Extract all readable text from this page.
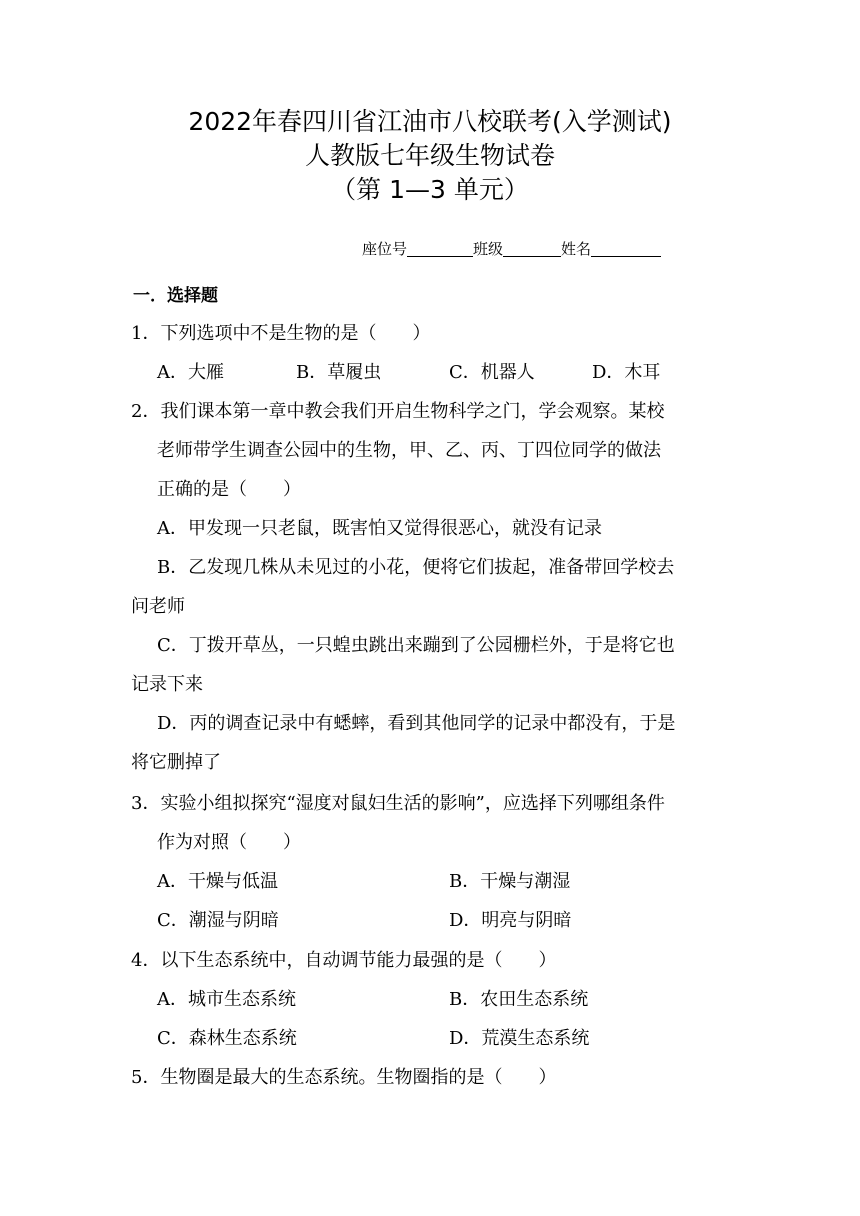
2022年春四川省江油市八校联考(入学测试)
人教版七年级生物试卷
（第 1—3 单元）
座位号	班级	姓名
一．选择题
1．下列选项中不是生物的是（　　）
A．大雁	B．草履虫	C．机器人	D．木耳
2．我们课本第一章中教会我们开启生物科学之门，学会观察。某校
老师带学生调查公园中的生物，甲、乙、丙、丁四位同学的做法
正确的是（　　）
A．甲发现一只老鼠，既害怕又觉得很恶心，就没有记录
B．乙发现几株从未见过的小花，便将它们拔起，准备带回学校去
问老师
C．丁拨开草丛，一只蝗虫跳出来蹦到了公园栅栏外，于是将它也
记录下来
D．丙的调查记录中有蟋蟀，看到其他同学的记录中都没有，于是
将它删掉了
3．实验小组拟探究“湿度对鼠妇生活的影响”，应选择下列哪组条件
作为对照（　　）
A．干燥与低温	B．干燥与潮湿
C．潮湿与阴暗	D．明亮与阴暗
4．以下生态系统中，自动调节能力最强的是（　　）
A．城市生态系统	B．农田生态系统
C．森林生态系统	D．荒漠生态系统
5．生物圈是最大的生态系统。生物圈指的是（　　）
